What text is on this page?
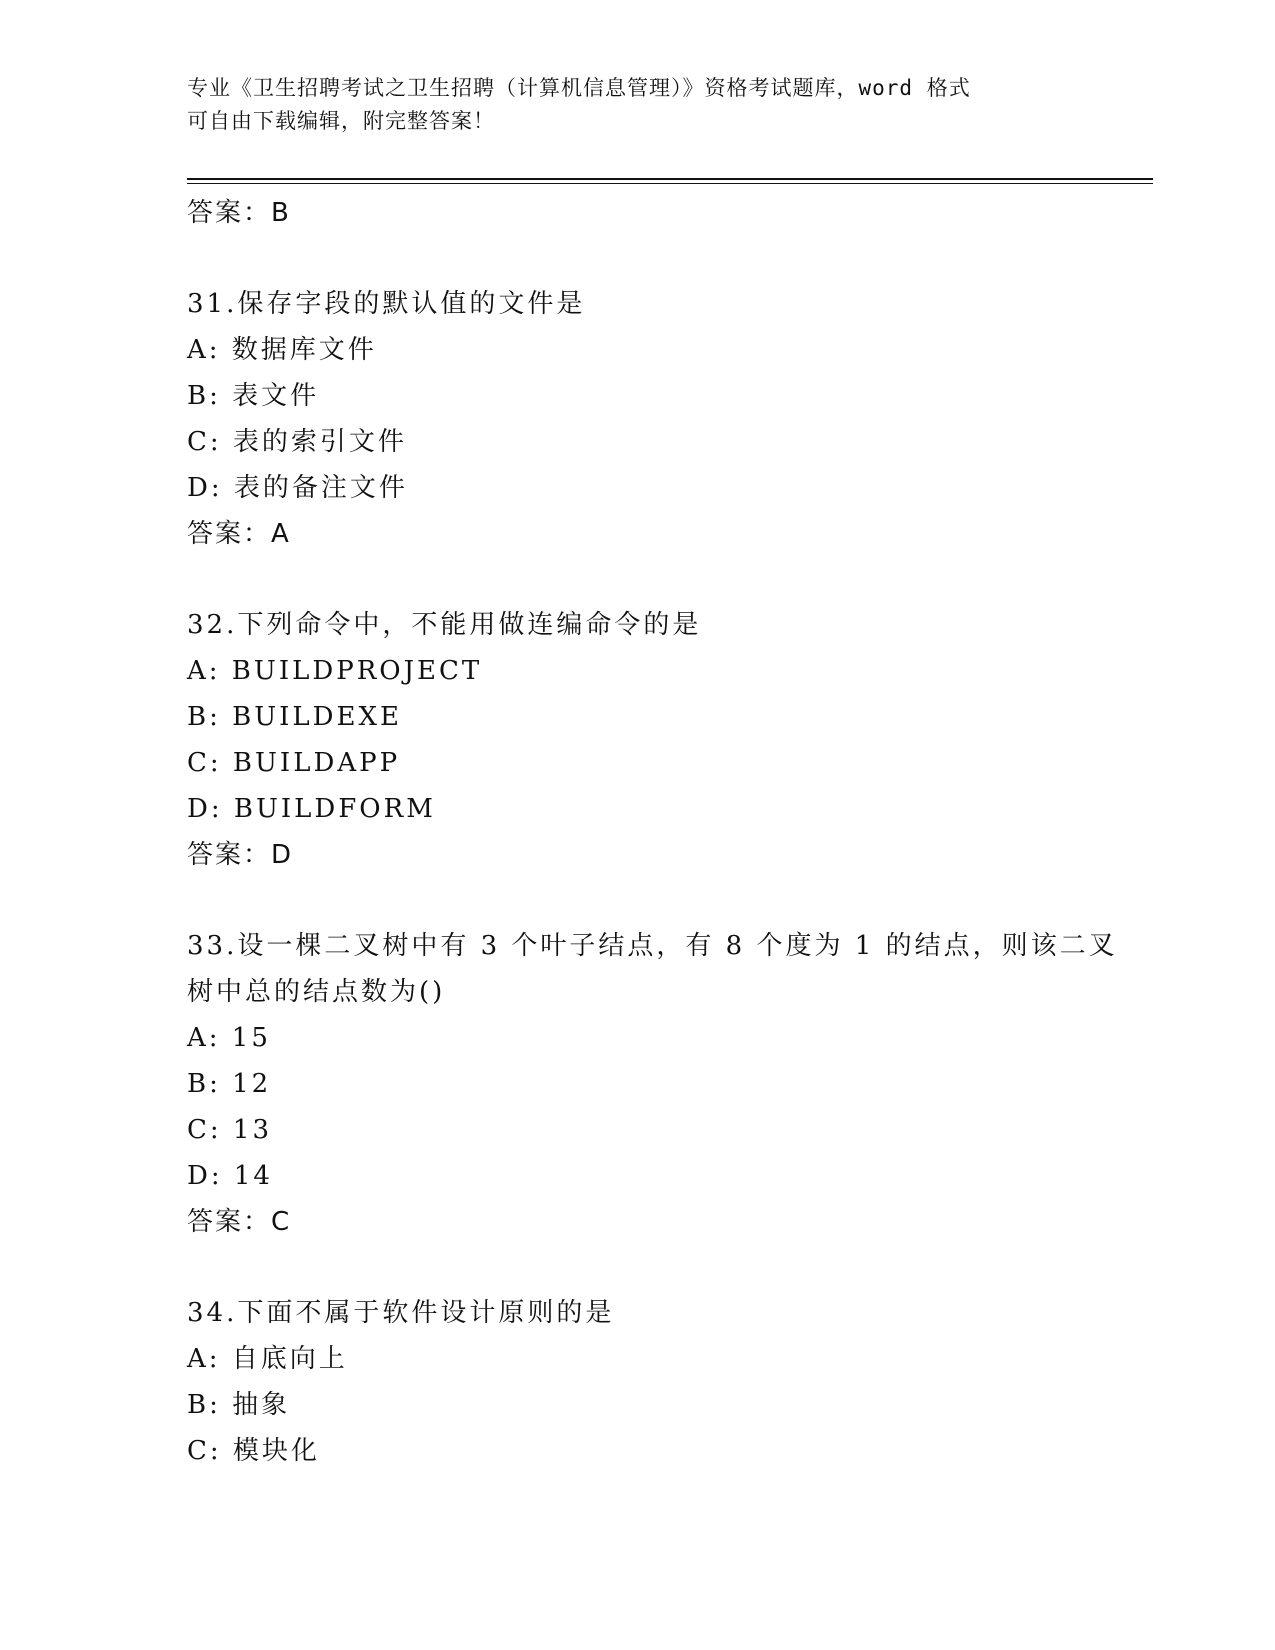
专业《卫生招聘考试之卫生招聘（计算机信息管理）》资格考试题库，word 格式
可自由下载编辑，附完整答案！
答案：B
31.保存字段的默认值的文件是
A: 数据库文件
B: 表文件
C: 表的索引文件
D: 表的备注文件
答案：A
32.下列命令中，不能用做连编命令的是
A: BUILDPROJECT
B: BUILDEXE
C: BUILDAPP
D: BUILDFORM
答案：D
33.设一棵二叉树中有 3 个叶子结点，有 8 个度为 1 的结点，则该二叉
树中总的结点数为()
A: 15
B: 12
C: 13
D: 14
答案：C
34.下面不属于软件设计原则的是
A: 自底向上
B: 抽象
C: 模块化
